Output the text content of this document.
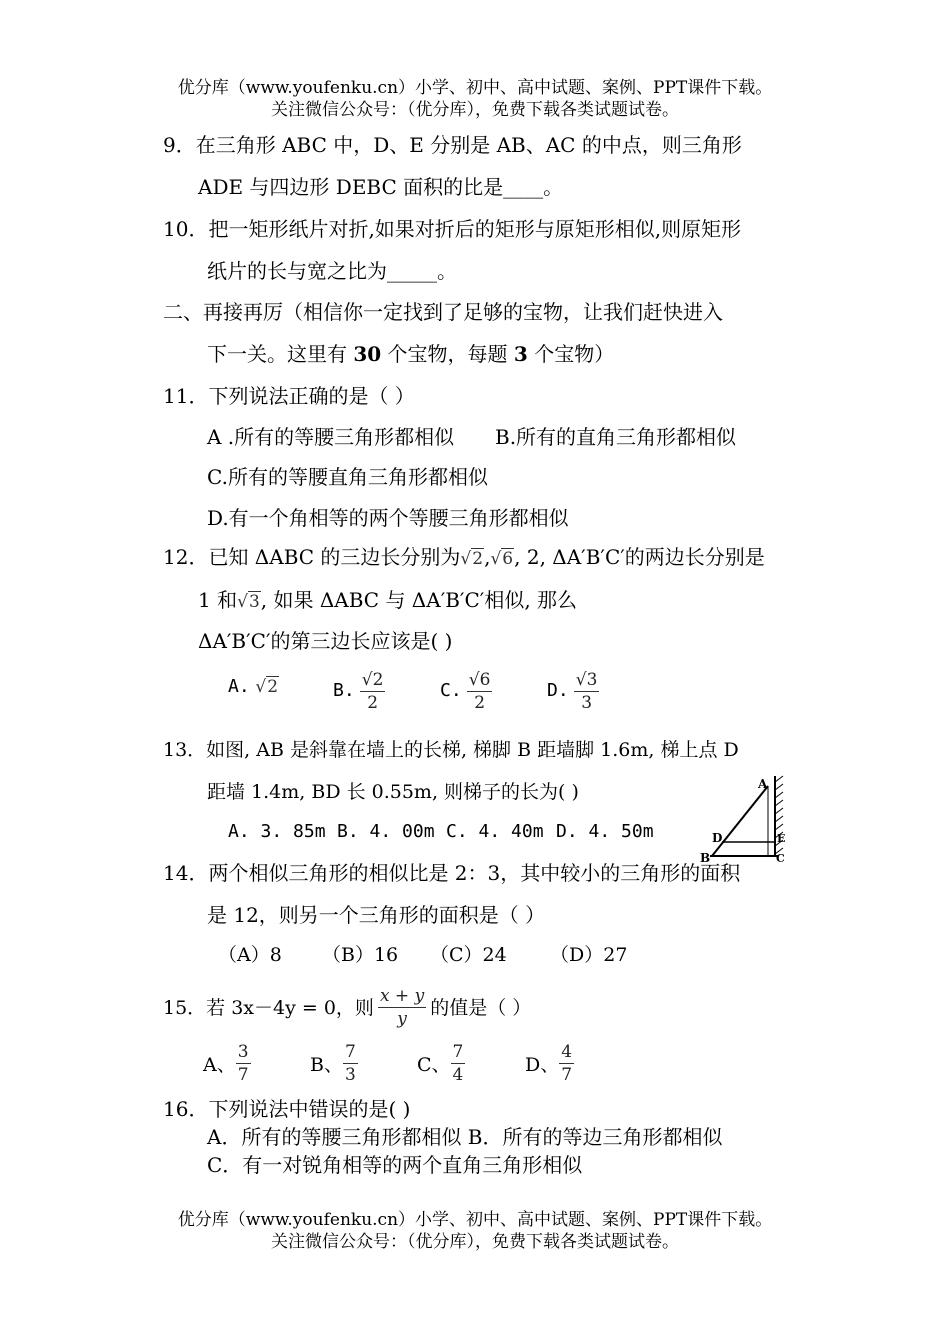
优分库（www.youfenku.cn）小学、初中、高中试题、案例、PPT课件下载。
关注微信公众号：（优分库），免费下载各类试题试卷。
9．在三角形 ABC 中，D、E 分别是 AB、AC 的中点，则三角形
ADE 与四边形 DEBC 面积的比是____。
10．把一矩形纸片对折,如果对折后的矩形与原矩形相似,则原矩形
纸片的长与宽之比为_____。
二、再接再厉（相信你一定找到了足够的宝物，让我们赶快进入
下一关。这里有 30 个宝物，每题 3 个宝物）
11．下列说法正确的是（ ）
A .所有的等腰三角形都相似 B.所有的直角三角形都相似
C.所有的等腰直角三角形都相似
D.有一个角相等的两个等腰三角形都相似
12．已知 ΔABC 的三边长分别为√2,√6, 2, ΔA′B′C′的两边长分别是
1 和√3, 如果 ΔABC 与 ΔA′B′C′相似, 那么
ΔA′B′C′的第三边长应该是( )
A. √2	B. $\frac{√2}{2}$	C. $\frac{√6}{2}$	D. $\frac{√3}{3}$
13．如图, AB 是斜靠在墙上的长梯, 梯脚 B 距墙脚 1.6m, 梯上点 D
距墙 1.4m, BD 长 0.55m, 则梯子的长为( )
A. 3. 85m B. 4. 00m C. 4. 40m D. 4. 50m
A
B	C
D	E
14．两个相似三角形的相似比是 2：3，其中较小的三角形的面积
是 12，则另一个三角形的面积是（ ）
（A）8 （B）16 （C）24 （D）27
15．若 3x－4y = 0，则 $\frac{x + y}{y}$ 的值是（ ）
A、 $\frac{3}{7}$	B、 $\frac{7}{3}$	C、 $\frac{7}{4}$	D、 $\frac{4}{7}$
16．下列说法中错误的是( )
A．所有的等腰三角形都相似 B．所有的等边三角形都相似
C．有一对锐角相等的两个直角三角形相似
优分库（www.youfenku.cn）小学、初中、高中试题、案例、PPT课件下载。
关注微信公众号：（优分库），免费下载各类试题试卷。
